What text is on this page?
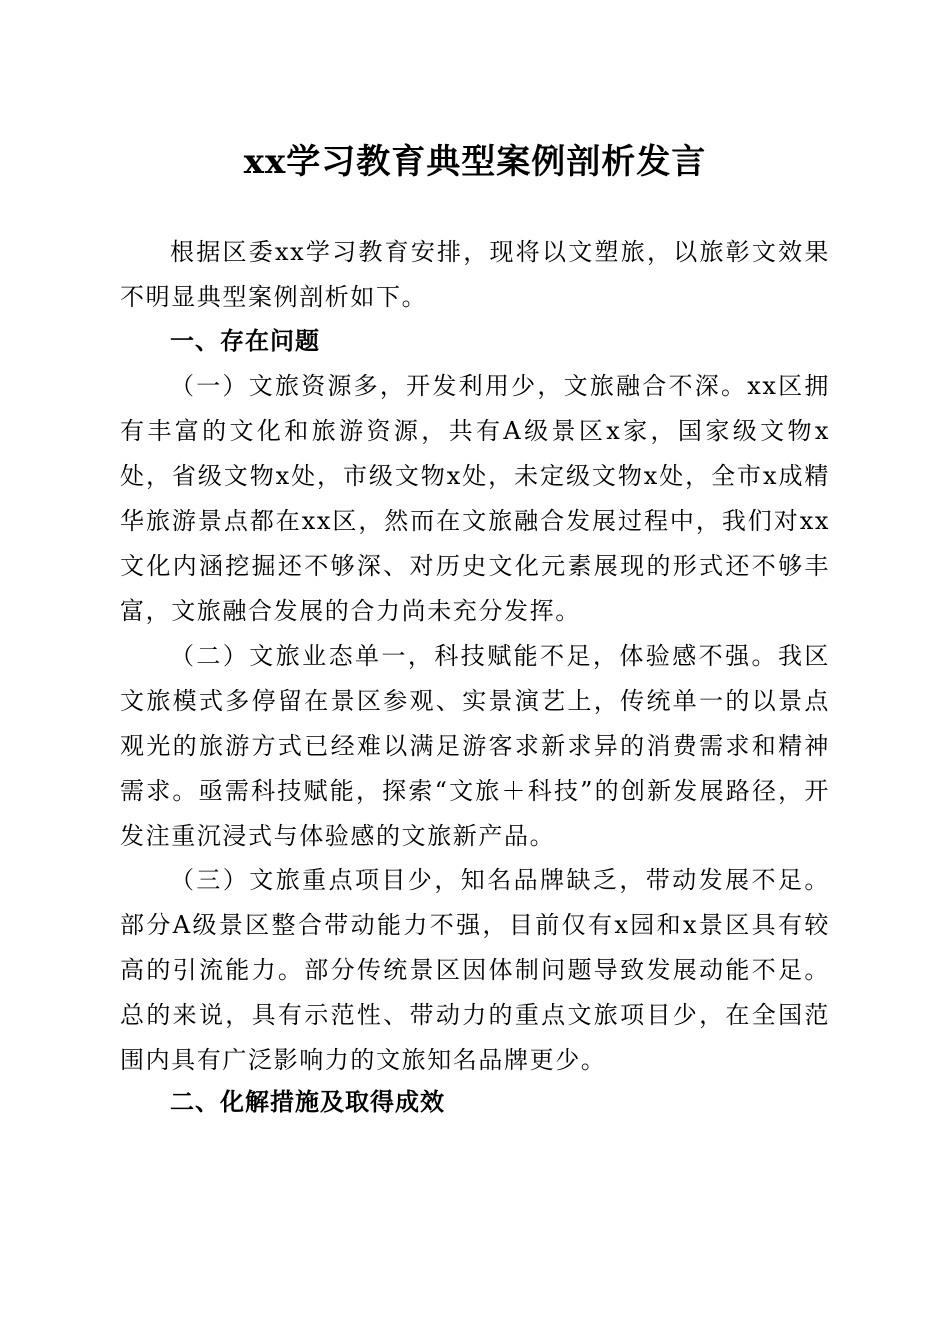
xx学习教育典型案例剖析发言
根据区委xx学习教育安排，现将以文塑旅，以旅彰文效果不明显典型案例剖析如下。
一、存在问题
（一）文旅资源多，开发利用少，文旅融合不深。xx区拥有丰富的文化和旅游资源，共有A级景区x家，国家级文物x处，省级文物x处，市级文物x处，未定级文物x处，全市x成精华旅游景点都在xx区，然而在文旅融合发展过程中，我们对xx文化内涵挖掘还不够深、对历史文化元素展现的形式还不够丰富，文旅融合发展的合力尚未充分发挥。
（二）文旅业态单一，科技赋能不足，体验感不强。我区文旅模式多停留在景区参观、实景演艺上，传统单一的以景点观光的旅游方式已经难以满足游客求新求异的消费需求和精神需求。亟需科技赋能，探索“文旅＋科技”的创新发展路径，开发注重沉浸式与体验感的文旅新产品。
（三）文旅重点项目少，知名品牌缺乏，带动发展不足。部分A级景区整合带动能力不强，目前仅有x园和x景区具有较高的引流能力。部分传统景区因体制问题导致发展动能不足。总的来说，具有示范性、带动力的重点文旅项目少，在全国范围内具有广泛影响力的文旅知名品牌更少。
二、化解措施及取得成效
